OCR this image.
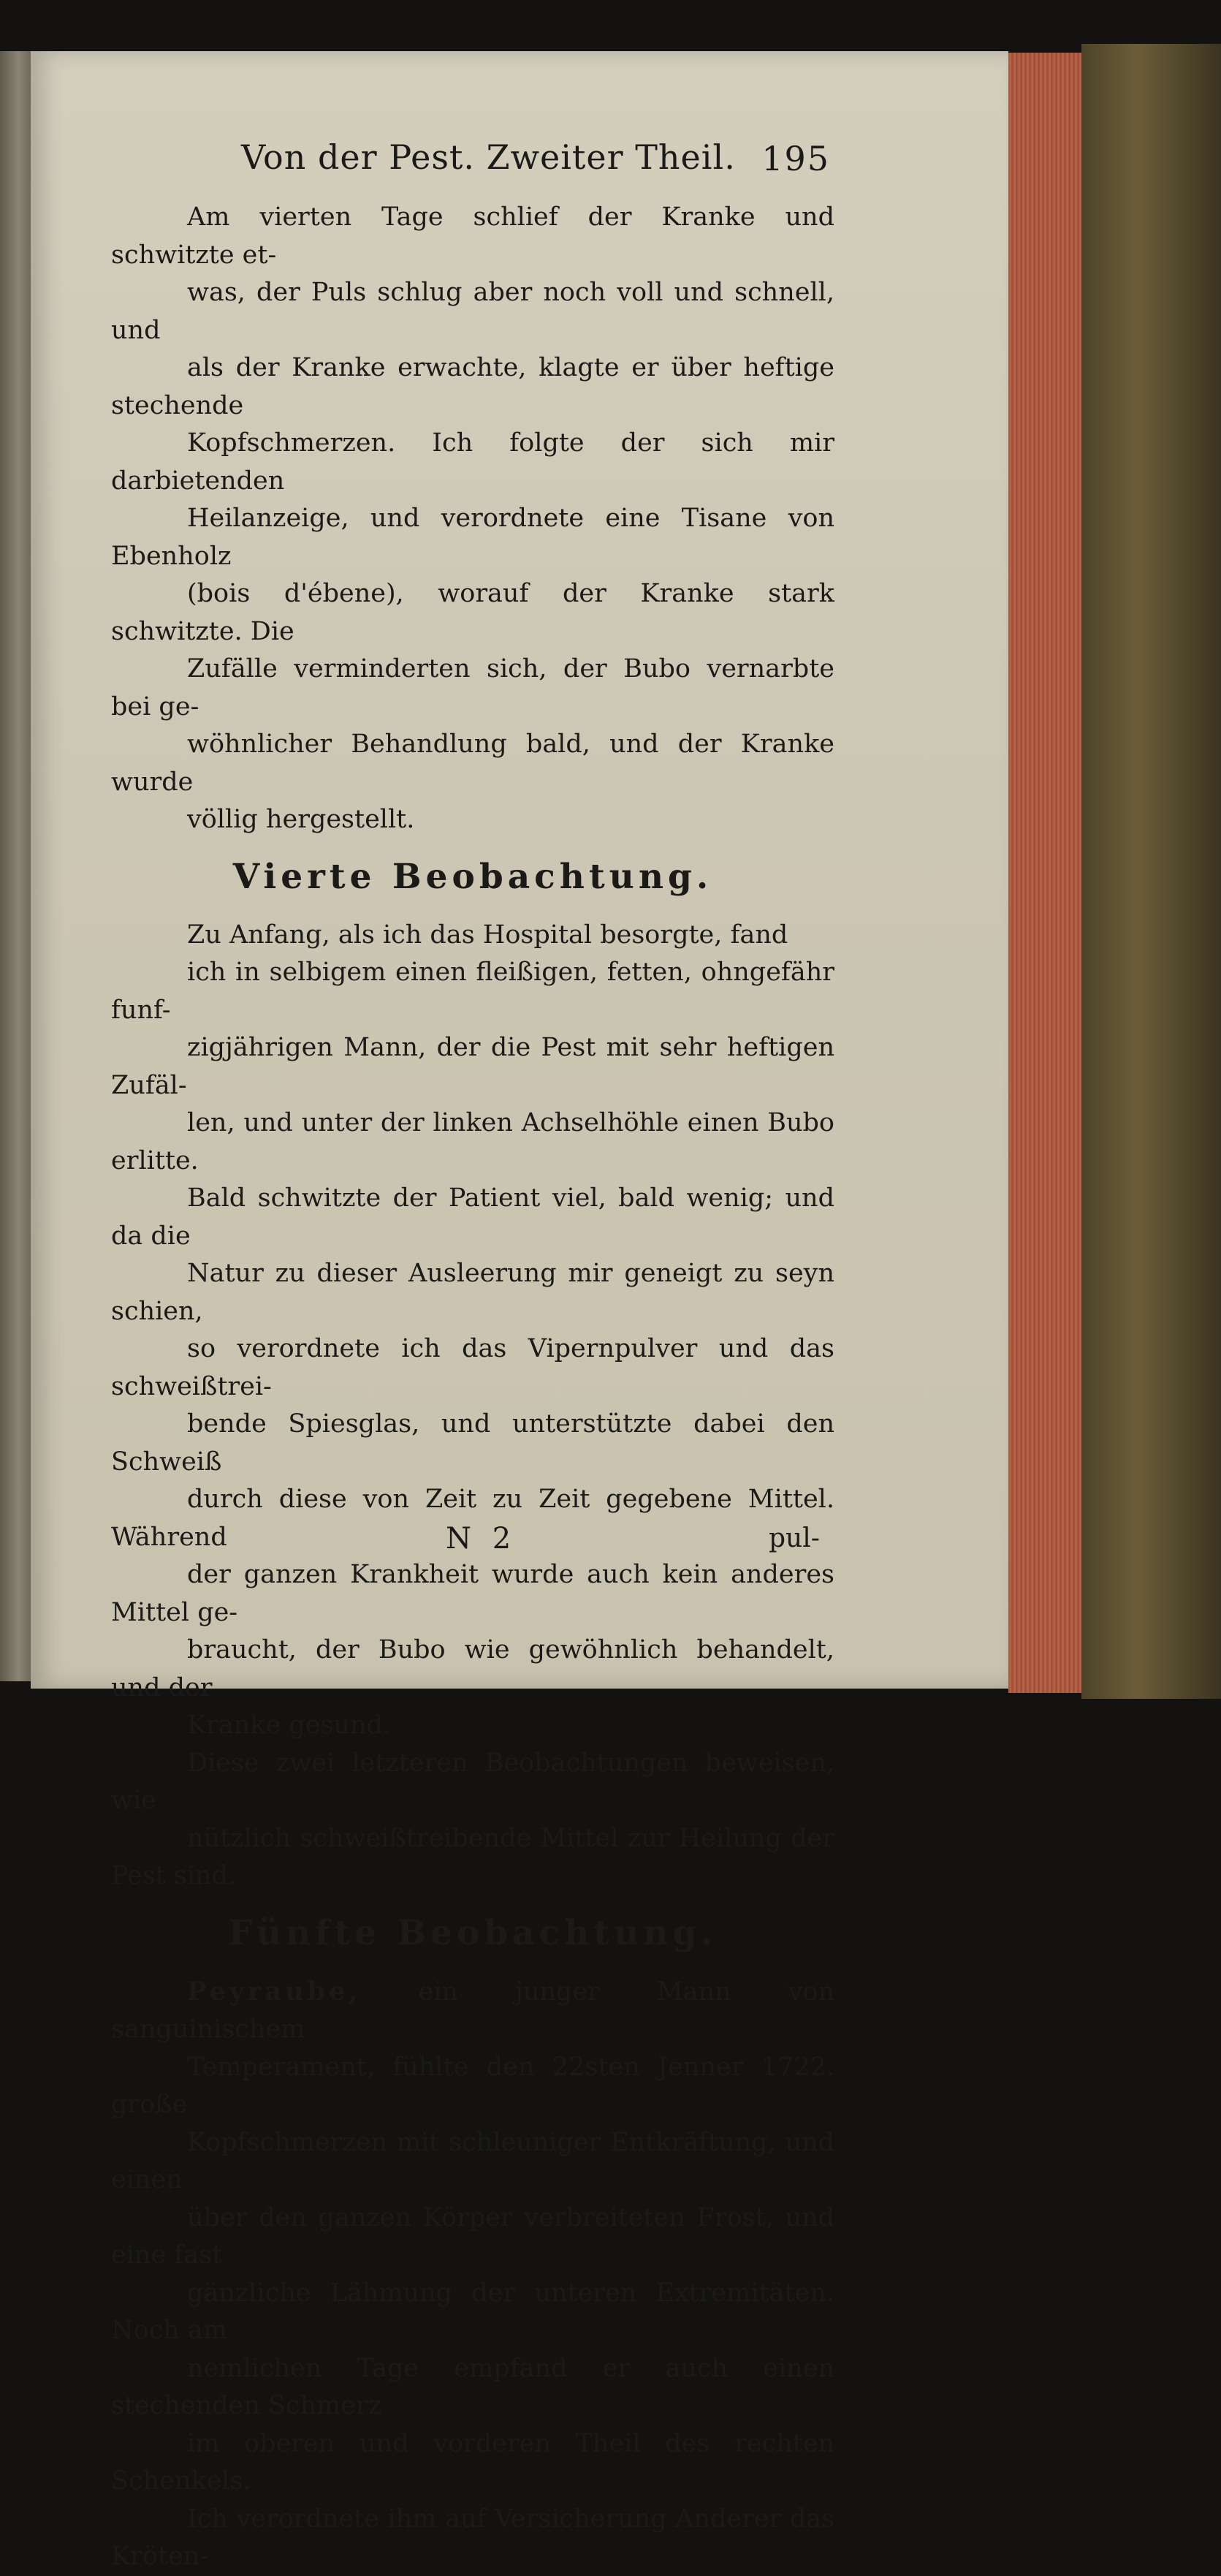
Von der Pest. Zweiter Theil. 195

Am vierten Tage schlief der Kranke und schwitzte et-
was, der Puls schlug aber noch voll und schnell, und
als der Kranke erwachte, klagte er über heftige stechende
Kopfschmerzen. Ich folgte der sich mir darbietenden
Heilanzeige, und verordnete eine Tisane von Ebenholz
(bois d'ébene), worauf der Kranke stark schwitzte. Die
Zufälle verminderten sich, der Bubo vernarbte bei ge-
wöhnlicher Behandlung bald, und der Kranke wurde
völlig hergestellt.

Vierte Beobachtung.

Zu Anfang, als ich das Hospital besorgte, fand
ich in selbigem einen fleißigen, fetten, ohngefähr funf-
zigjährigen Mann, der die Pest mit sehr heftigen Zufäl-
len, und unter der linken Achselhöhle einen Bubo erlitte.
Bald schwitzte der Patient viel, bald wenig; und da die
Natur zu dieser Ausleerung mir geneigt zu seyn schien,
so verordnete ich das Vipernpulver und das schweißtrei-
bende Spiesglas, und unterstützte dabei den Schweiß
durch diese von Zeit zu Zeit gegebene Mittel. Während
der ganzen Krankheit wurde auch kein anderes Mittel ge-
braucht, der Bubo wie gewöhnlich behandelt, und der
Kranke gesund.

Diese zwei letzteren Beobachtungen beweisen, wie
nützlich schweißtreibende Mittel zur Heilung der Pest sind.

Fünfte Beobachtung.

Peyraube, ein junger Mann von sanguinischem
Temperament, fühlte den 22sten Jenner 1722. große
Kopfschmerzen mit schleuniger Entkräftung, und einen
über den ganzen Körper verbreiteten Frost, und eine fast
gänzliche Lähmung der unteren Extremitäten. Noch am
nemlichen Tage empfand er auch einen stechenden Schmerz
im oberen und vorderen Theil des rechten Schenkels.
Ich verordnete ihm auf Versicherung Anderer das Kröten-

N 2	pul-
